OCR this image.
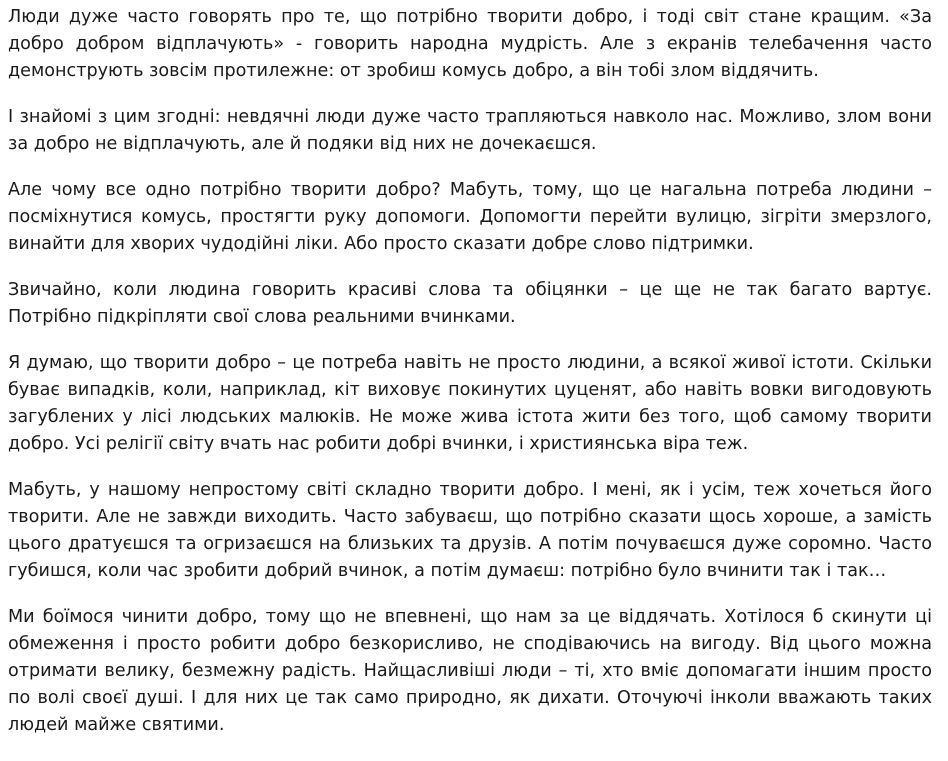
Люди дуже часто говорять про те, що потрібно творити добро, і тоді світ стане кращим. «За добро добром відплачують» - говорить народна мудрість. Але з екранів телебачення часто демонструють зовсім протилежне: от зробиш комусь добро, а він тобі злом віддячить.

І знайомі з цим згодні: невдячні люди дуже часто трапляються навколо нас. Можливо, злом вони за добро не відплачують, але й подяки від них не дочекаєшся.

Але чому все одно потрібно творити добро? Мабуть, тому, що це нагальна потреба людини – посміхнутися комусь, простягти руку допомоги. Допомогти перейти вулицю, зігріти змерзлого, винайти для хворих чудодійні ліки. Або просто сказати добре слово підтримки.

Звичайно, коли людина говорить красиві слова та обіцянки – це ще не так багато вартує. Потрібно підкріпляти свої слова реальними вчинками.

Я думаю, що творити добро – це потреба навіть не просто людини, а всякої живої істоти. Скільки буває випадків, коли, наприклад, кіт виховує покинутих цуценят, або навіть вовки вигодовують загублених у лісі людських малюків. Не може жива істота жити без того, щоб самому творити добро. Усі релігії світу вчать нас робити добрі вчинки, і християнська віра теж.

Мабуть, у нашому непростому світі складно творити добро. І мені, як і усім, теж хочеться його творити. Але не завжди виходить. Часто забуваєш, що потрібно сказати щось хороше, а замість цього дратуєшся та огризаєшся на близьких та друзів. А потім почуваєшся дуже соромно. Часто губишся, коли час зробити добрий вчинок, а потім думаєш: потрібно було вчинити так і так…

Ми боїмося чинити добро, тому що не впевнені, що нам за це віддячать. Хотілося б скинути ці обмеження і просто робити добро безкорисливо, не сподіваючись на вигоду. Від цього можна отримати велику, безмежну радість. Найщасливіші люди – ті, хто вміє допомагати іншим просто по волі своєї душі. І для них це так само природно, як дихати. Оточуючі інколи вважають таких людей майже святими.
